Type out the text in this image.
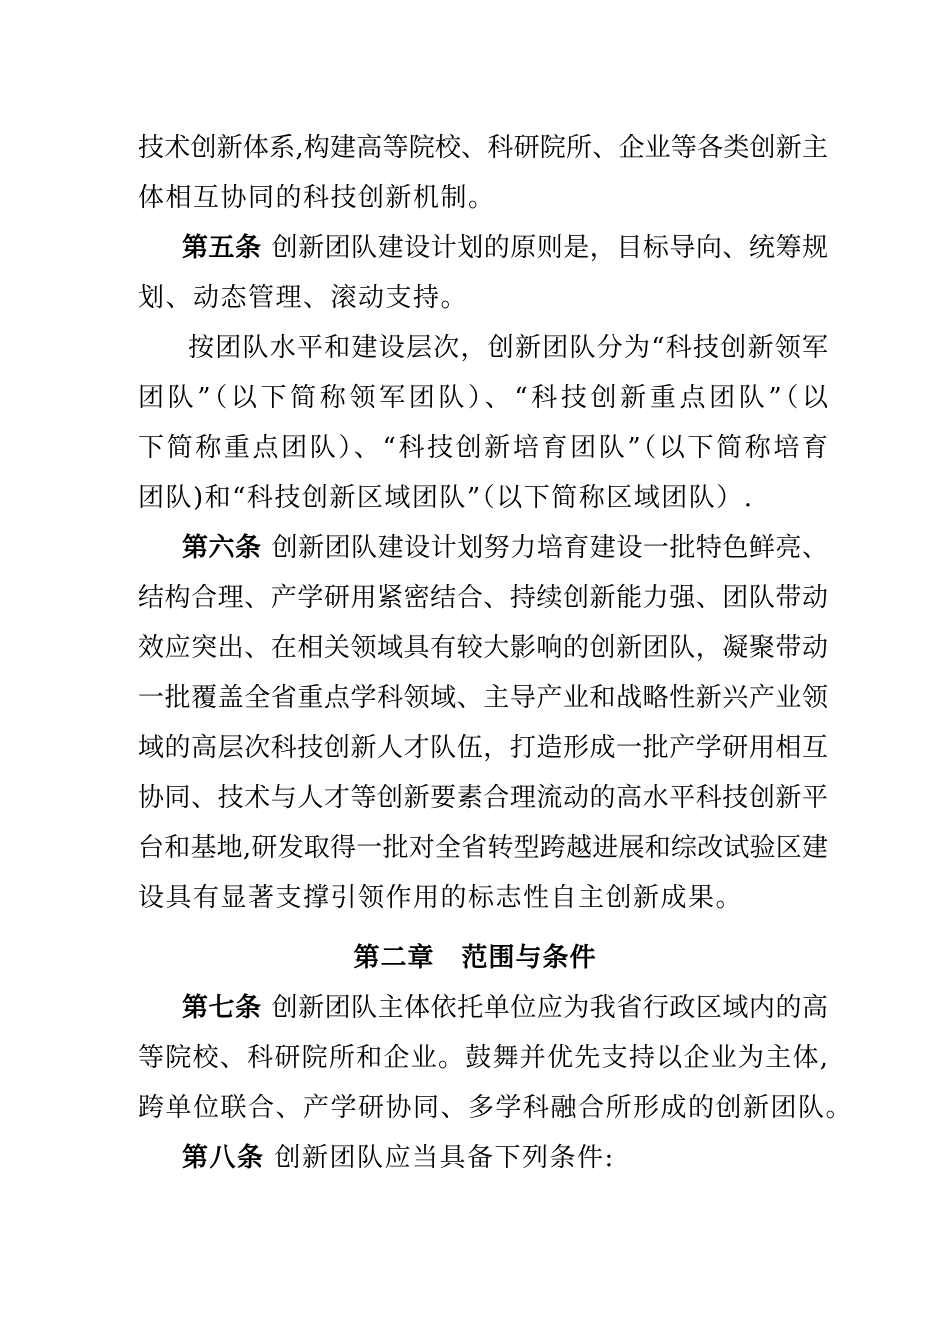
技术创新体系,构建高等院校、科研院所、企业等各类创新主
体相互协同的科技创新机制。
第五条 创新团队建设计划的原则是，目标导向、统筹规
划、动态管理、滚动支持。
按团队水平和建设层次，创新团队分为“科技创新领军
团队”（以下简称领军团队）、“科技创新重点团队”（以
下简称重点团队）、“科技创新培育团队”（以下简称培育
团队)和“科技创新区域团队”（以下简称区域团队）.
第六条 创新团队建设计划努力培育建设一批特色鲜亮、
结构合理、产学研用紧密结合、持续创新能力强、团队带动
效应突出、在相关领域具有较大影响的创新团队，凝聚带动
一批覆盖全省重点学科领域、主导产业和战略性新兴产业领
域的高层次科技创新人才队伍，打造形成一批产学研用相互
协同、技术与人才等创新要素合理流动的高水平科技创新平
台和基地,研发取得一批对全省转型跨越进展和综改试验区建
设具有显著支撑引领作用的标志性自主创新成果。
第二章　范围与条件
第七条 创新团队主体依托单位应为我省行政区域内的高
等院校、科研院所和企业。鼓舞并优先支持以企业为主体,
跨单位联合、产学研协同、多学科融合所形成的创新团队。
第八条 创新团队应当具备下列条件:
